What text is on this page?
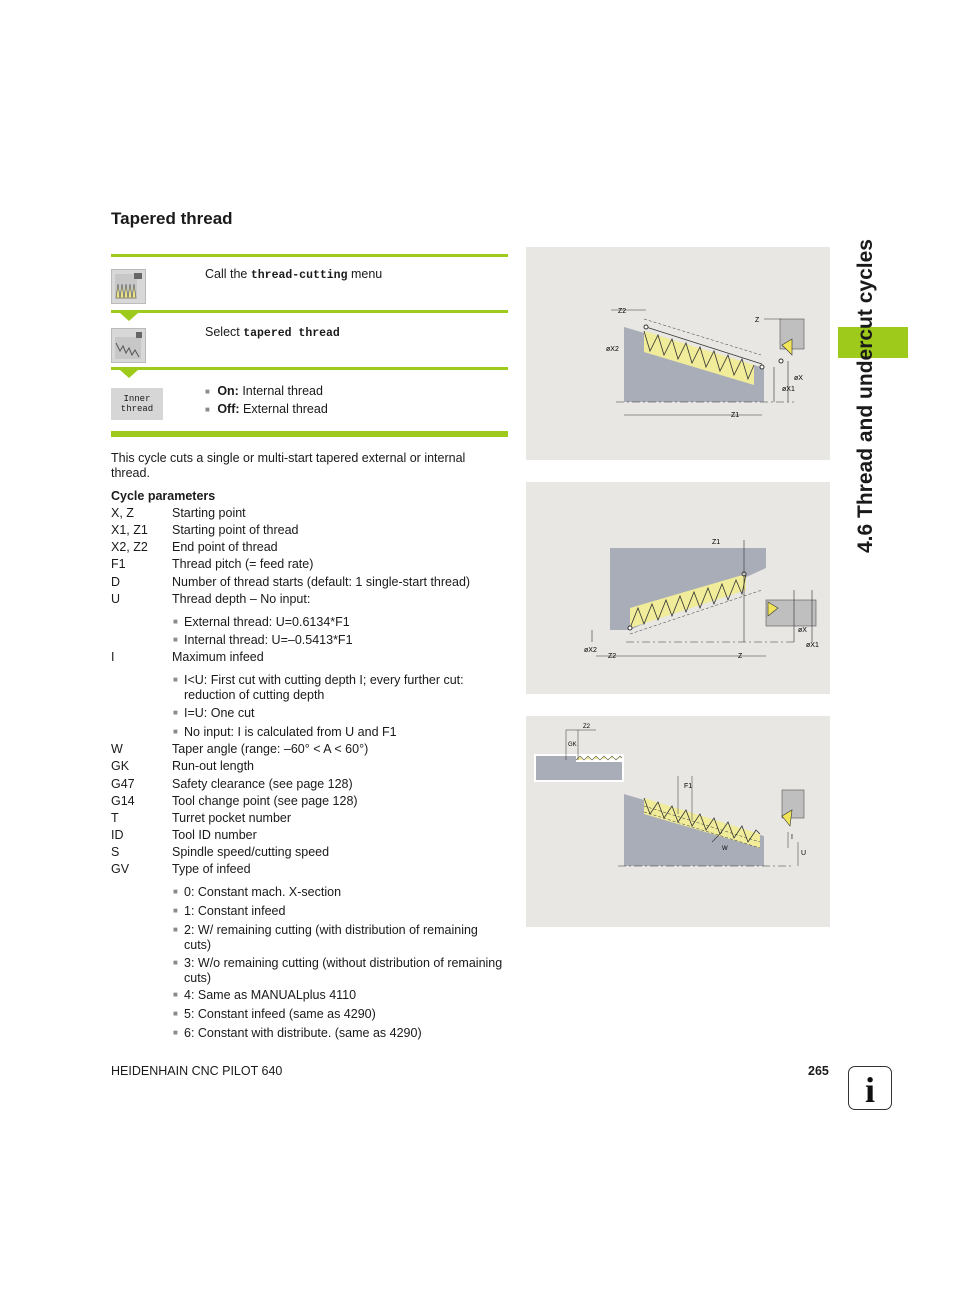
Tapered thread
Call the thread-cutting menu
Select tapered thread
Inner
thread
■ On: Internal thread
■ Off: External thread
This cycle cuts a single or multi-start tapered external or internal thread.
Cycle parameters
X, Z	Starting point
X1, Z1	Starting point of thread
X2, Z2	End point of thread
F1	Thread pitch (= feed rate)
D	Number of thread starts (default: 1 single-start thread)
U	Thread depth – No input:
■ External thread: U=0.6134*F1
■ Internal thread: U=–0.5413*F1
I	Maximum infeed
■ I<U: First cut with cutting depth I; every further cut: reduction of cutting depth
■ I=U: One cut
■ No input: I is calculated from U and F1
W	Taper angle (range: –60° < A < 60°)
GK	Run-out length
G47	Safety clearance (see page 128)
G14	Tool change point (see page 128)
T	Turret pocket number
ID	Tool ID number
S	Spindle speed/cutting speed
GV	Type of infeed
■ 0: Constant mach. X-section
■ 1: Constant infeed
■ 2: W/ remaining cutting (with distribution of remaining cuts)
■ 3: W/o remaining cutting (without distribution of remaining cuts)
■ 4: Same as MANUALplus 4110
■ 5: Constant infeed (same as 4290)
■ 6: Constant with distribute. (same as 4290)
Z2
Z
øX2
øX
øX1
Z1
Z1
øX
øX1
øX2
Z2	Z
Z2
GK
F1
I
U
W
4.6 Thread and undercut cycles
HEIDENHAIN CNC PILOT 640	265	i
